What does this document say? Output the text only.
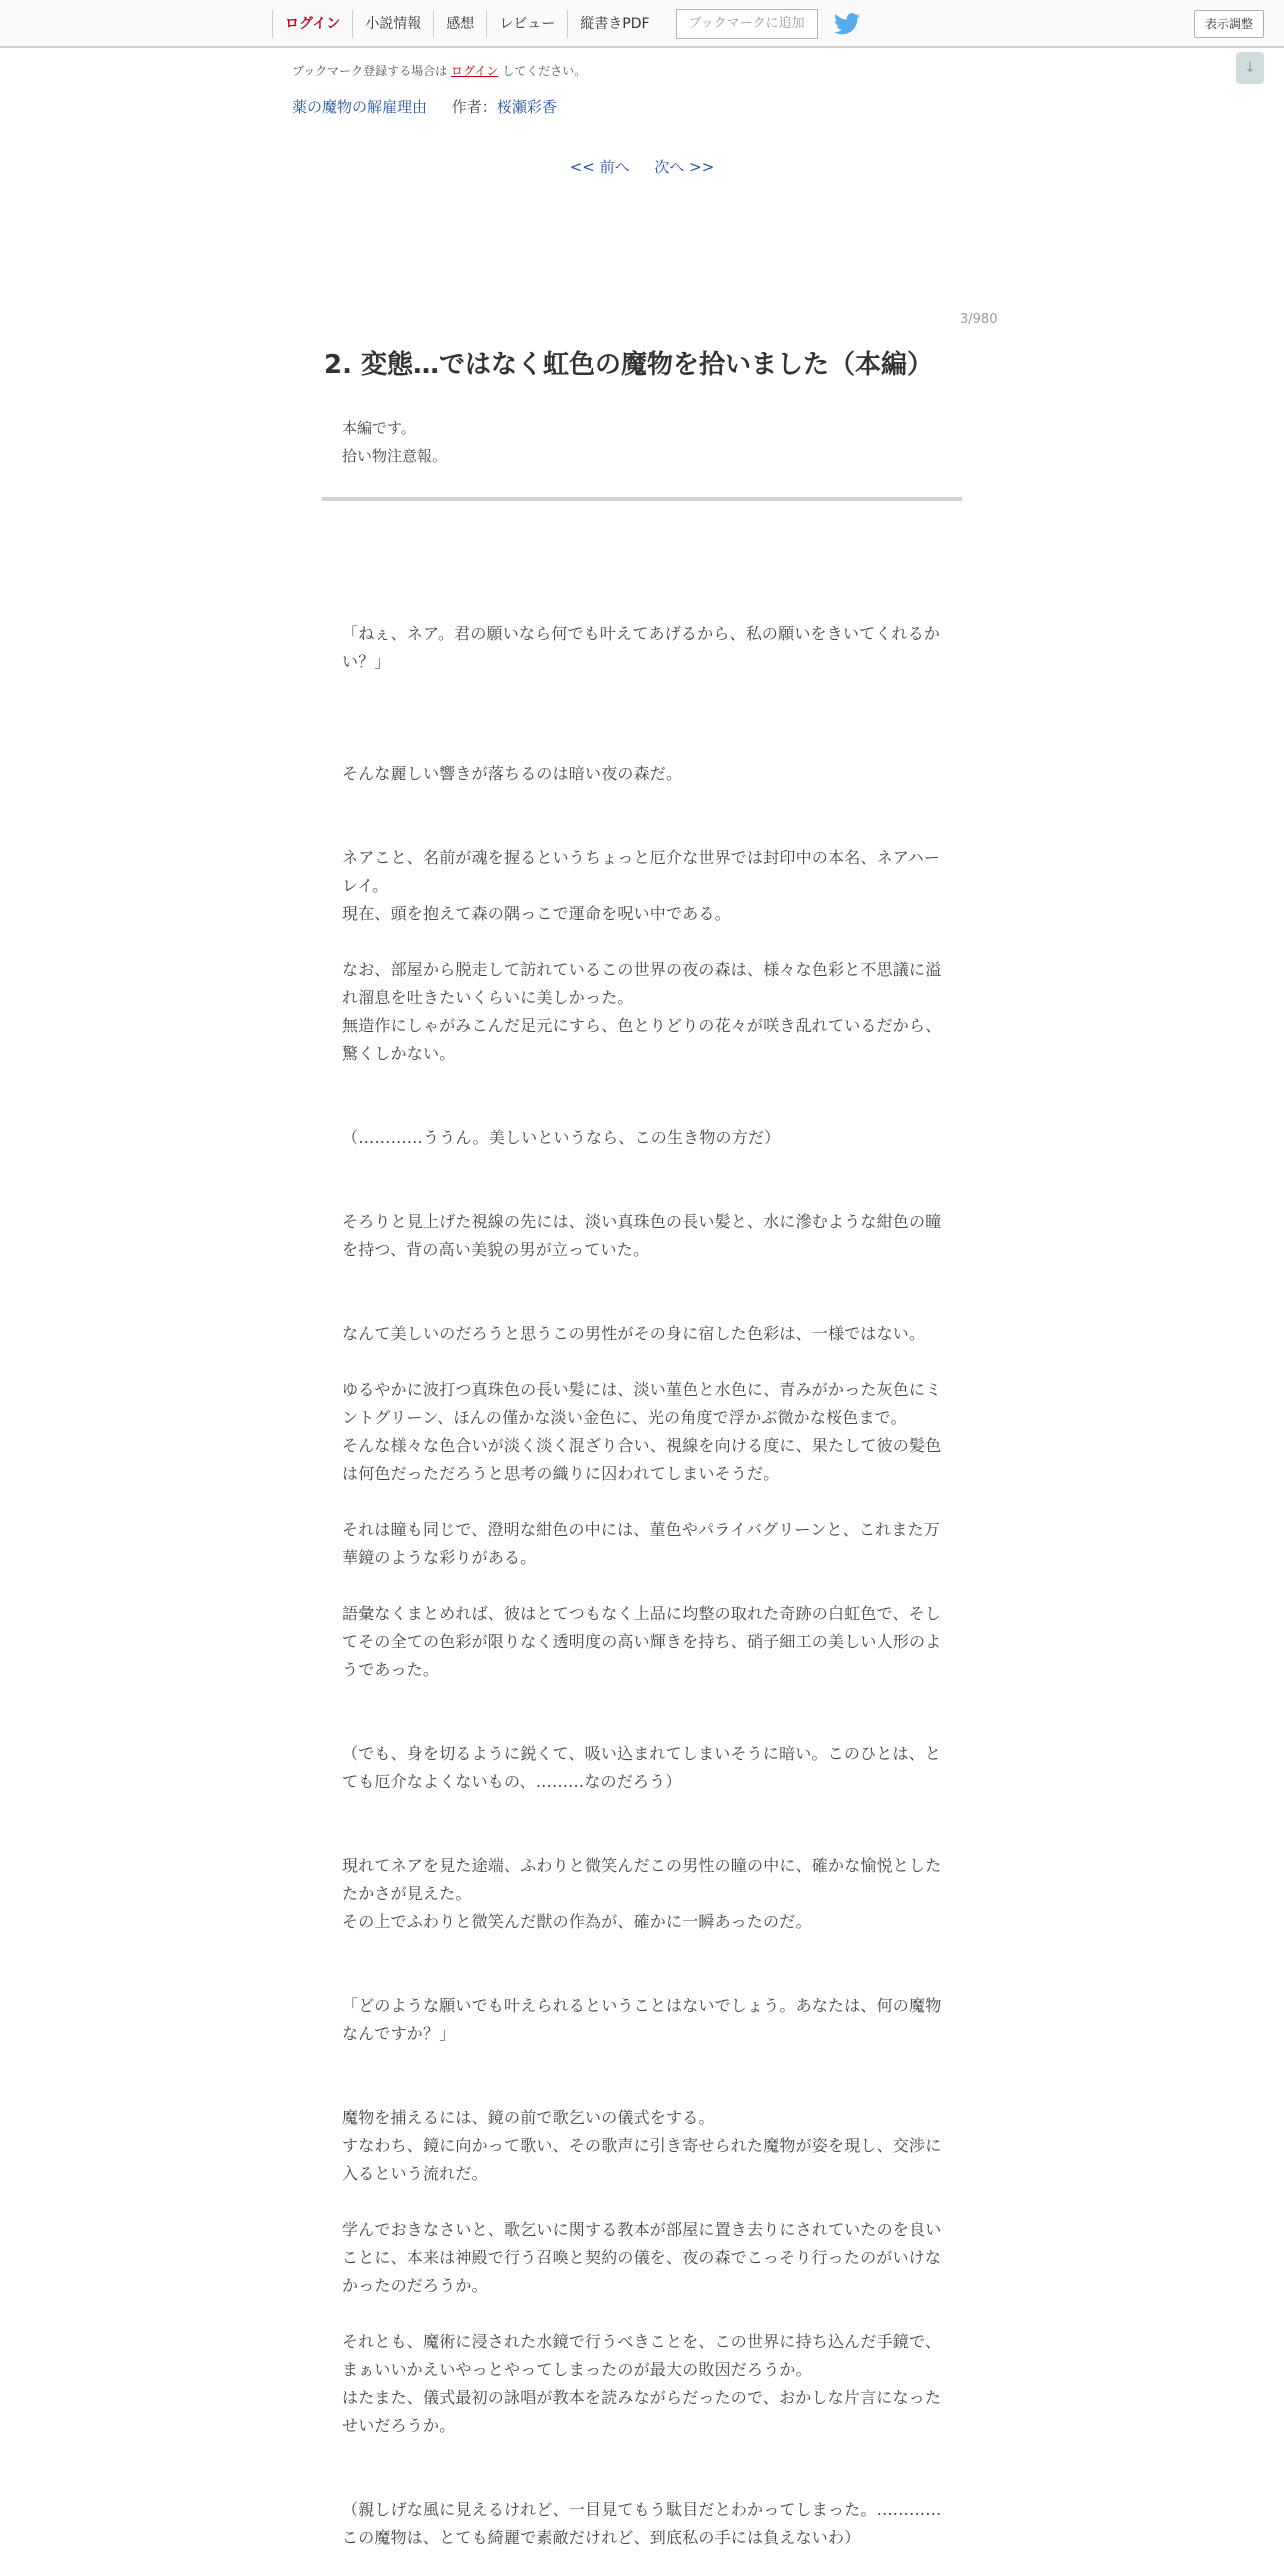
ログイン	小説情報	感想	レビュー	縦書きPDF	ブックマークに追加	表示調整
↓
ブックマーク登録する場合は ログイン してください。
薬の魔物の解雇理由 作者：桜瀬彩香
<< 前へ 次へ >>
3/980
2. 変態…ではなく虹色の魔物を拾いました（本編）
本編です。
拾い物注意報。
「ねぇ、ネア。君の願いなら何でも叶えてあげるから、私の願いをきいてくれるか
い？」
そんな麗しい響きが落ちるのは暗い夜の森だ。
ネアこと、名前が魂を握るというちょっと厄介な世界では封印中の本名、ネアハー
レイ。
現在、頭を抱えて森の隅っこで運命を呪い中である。
なお、部屋から脱走して訪れているこの世界の夜の森は、様々な色彩と不思議に溢
れ溜息を吐きたいくらいに美しかった。
無造作にしゃがみこんだ足元にすら、色とりどりの花々が咲き乱れているだから、
驚くしかない。
（…………ううん。美しいというなら、この生き物の方だ）
そろりと見上げた視線の先には、淡い真珠色の長い髪と、水に滲むような紺色の瞳
を持つ、背の高い美貌の男が立っていた。
なんて美しいのだろうと思うこの男性がその身に宿した色彩は、一様ではない。
ゆるやかに波打つ真珠色の長い髪には、淡い菫色と水色に、青みがかった灰色にミ
ントグリーン、ほんの僅かな淡い金色に、光の角度で浮かぶ微かな桜色まで。
そんな様々な色合いが淡く淡く混ざり合い、視線を向ける度に、果たして彼の髪色
は何色だっただろうと思考の織りに囚われてしまいそうだ。
それは瞳も同じで、澄明な紺色の中には、菫色やパライバグリーンと、これまた万
華鏡のような彩りがある。
語彙なくまとめれば、彼はとてつもなく上品に均整の取れた奇跡の白虹色で、そし
てその全ての色彩が限りなく透明度の高い輝きを持ち、硝子細工の美しい人形のよ
うであった。
（でも、身を切るように鋭くて、吸い込まれてしまいそうに暗い。このひとは、と
ても厄介なよくないもの、………なのだろう）
現れてネアを見た途端、ふわりと微笑んだこの男性の瞳の中に、確かな愉悦とした
たかさが見えた。
その上でふわりと微笑んだ獣の作為が、確かに一瞬あったのだ。
「どのような願いでも叶えられるということはないでしょう。あなたは、何の魔物
なんですか？」
魔物を捕えるには、鏡の前で歌乞いの儀式をする。
すなわち、鏡に向かって歌い、その歌声に引き寄せられた魔物が姿を現し、交渉に
入るという流れだ。
学んでおきなさいと、歌乞いに関する教本が部屋に置き去りにされていたのを良い
ことに、本来は神殿で行う召喚と契約の儀を、夜の森でこっそり行ったのがいけな
かったのだろうか。
それとも、魔術に浸された水鏡で行うべきことを、この世界に持ち込んだ手鏡で、
まぁいいかえいやっとやってしまったのが最大の敗因だろうか。
はたまた、儀式最初の詠唱が教本を読みながらだったので、おかしな片言になった
せいだろうか。
（親しげな風に見えるけれど、一目見てもう駄目だとわかってしまった。…………
この魔物は、とても綺麗で素敵だけれど、到底私の手には負えないわ）
